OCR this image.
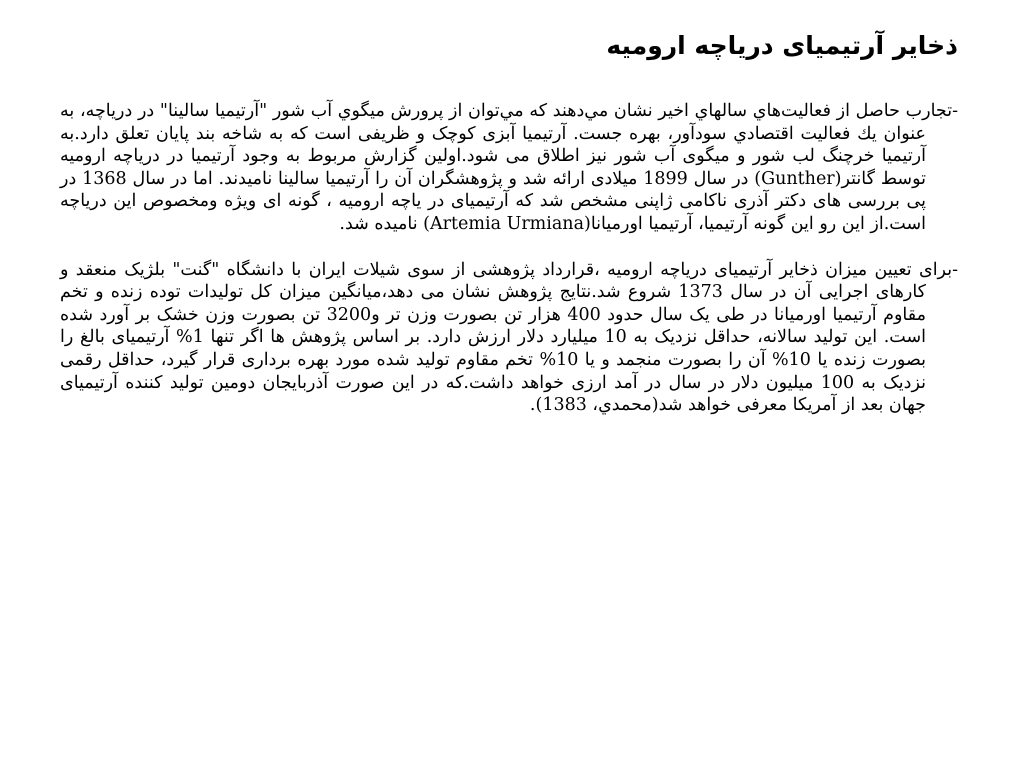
ذخایر آرتیمیای دریاچه ارومیه

-تجارب حاصل از فعاليت‌هاي سالهاي اخير نشان مي‌دهند كه مي‌توان از پرورش ميگوي آب شور "آرتيميا سالينا" در درياچه، به عنوان يك فعاليت اقتصادي سودآور، بهره جست. آرتیمیا آبزی کوچک و ظریفی است که به شاخه بند پایان تعلق دارد.به آرتیمیا خرچنگ لب شور و میگوی آب شور نیز اطلاق می شود.اولین گزارش مربوط به وجود آرتیمیا در دریاچه ارومیه توسط گانتر(Gunther) در سال 1899 میلادی ارائه شد و پژوهشگران آن را آرتیمیا سالینا نامیدند. اما در سال 1368 در پی بررسی های دکتر آذری ناکامی ژاپنی مشخص شد که آرتیمیای در یاچه ارومیه ، گونه ای ویژه ومخصوص این دریاچه است.از این رو این گونه آرتیمیا، آرتیمیا اورمیانا(Artemia Urmiana) نامیده شد.

-برای تعیین میزان ذخایر آرتیمیای دریاچه ارومیه ،قرارداد پژوهشی از سوی شیلات ایران با دانشگاه "گنت" بلژیک منعقد و کارهای اجرایی آن در سال 1373 شروع شد.نتایج پژوهش نشان می دهد،میانگین میزان کل تولیدات توده زنده و تخم مقاوم آرتیمیا اورمیانا در طی یک سال حدود 400 هزار تن بصورت وزن تر و3200 تن بصورت وزن خشک بر آورد شده است. این تولید سالانه، حداقل نزدیک به 10 میلیارد دلار ارزش دارد. بر اساس پژوهش ها اگر تنها 1% آرتیمیای بالغ را بصورت زنده یا 10% آن را بصورت منجمد و یا 10% تخم مقاوم تولید شده مورد بهره برداری قرار گیرد، حداقل رقمی نزدیک به 100 میلیون دلار در سال در آمد ارزی خواهد داشت.که در این صورت آذربایجان دومین تولید کننده آرتیمیای جهان بعد از آمریکا معرفی خواهد شد(محمدي، 1383).
